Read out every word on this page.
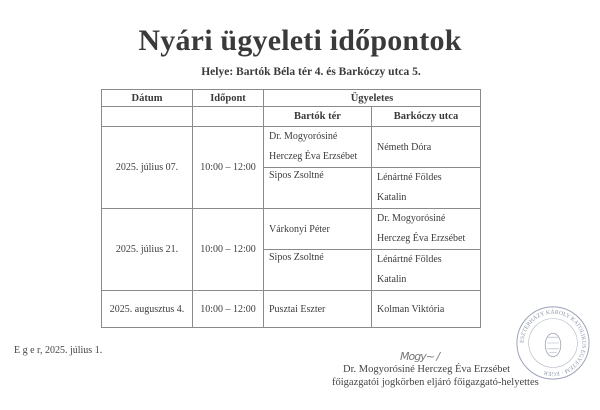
Nyári ügyeleti időpontok
Helye: Bartók Béla tér 4. és Barkóczy utca 5.
Dátum	Időpont	Ügyeletes	
		Bartók tér	Barkóczy utca
2025. július 07.	10:00 – 12:00	Dr. Mogyorósiné
Herczeg Éva Erzsébet	Németh Dóra
		Sipos Zsoltné	Lénártné Földes
Katalin

2025. július 21.	10:00 – 12:00	Várkonyi Péter	Dr. Mogyorósiné
Herczeg Éva Erzsébet

		Sipos Zsoltné	Lénártné Földes
Katalin

2025. augusztus 4.	10:00 – 12:00	Pusztai Eszter	Kolman Viktória
E g e r, 2025. július 1.	Mogy~ /
Dr. Mogyorósiné Herczeg Éva Erzsébet
főigazgatói jogkörben eljáró főigazgató-helyettes
ESZTERHÁZY KÁROLY KATOLIKUS EGYETEM · EGER
